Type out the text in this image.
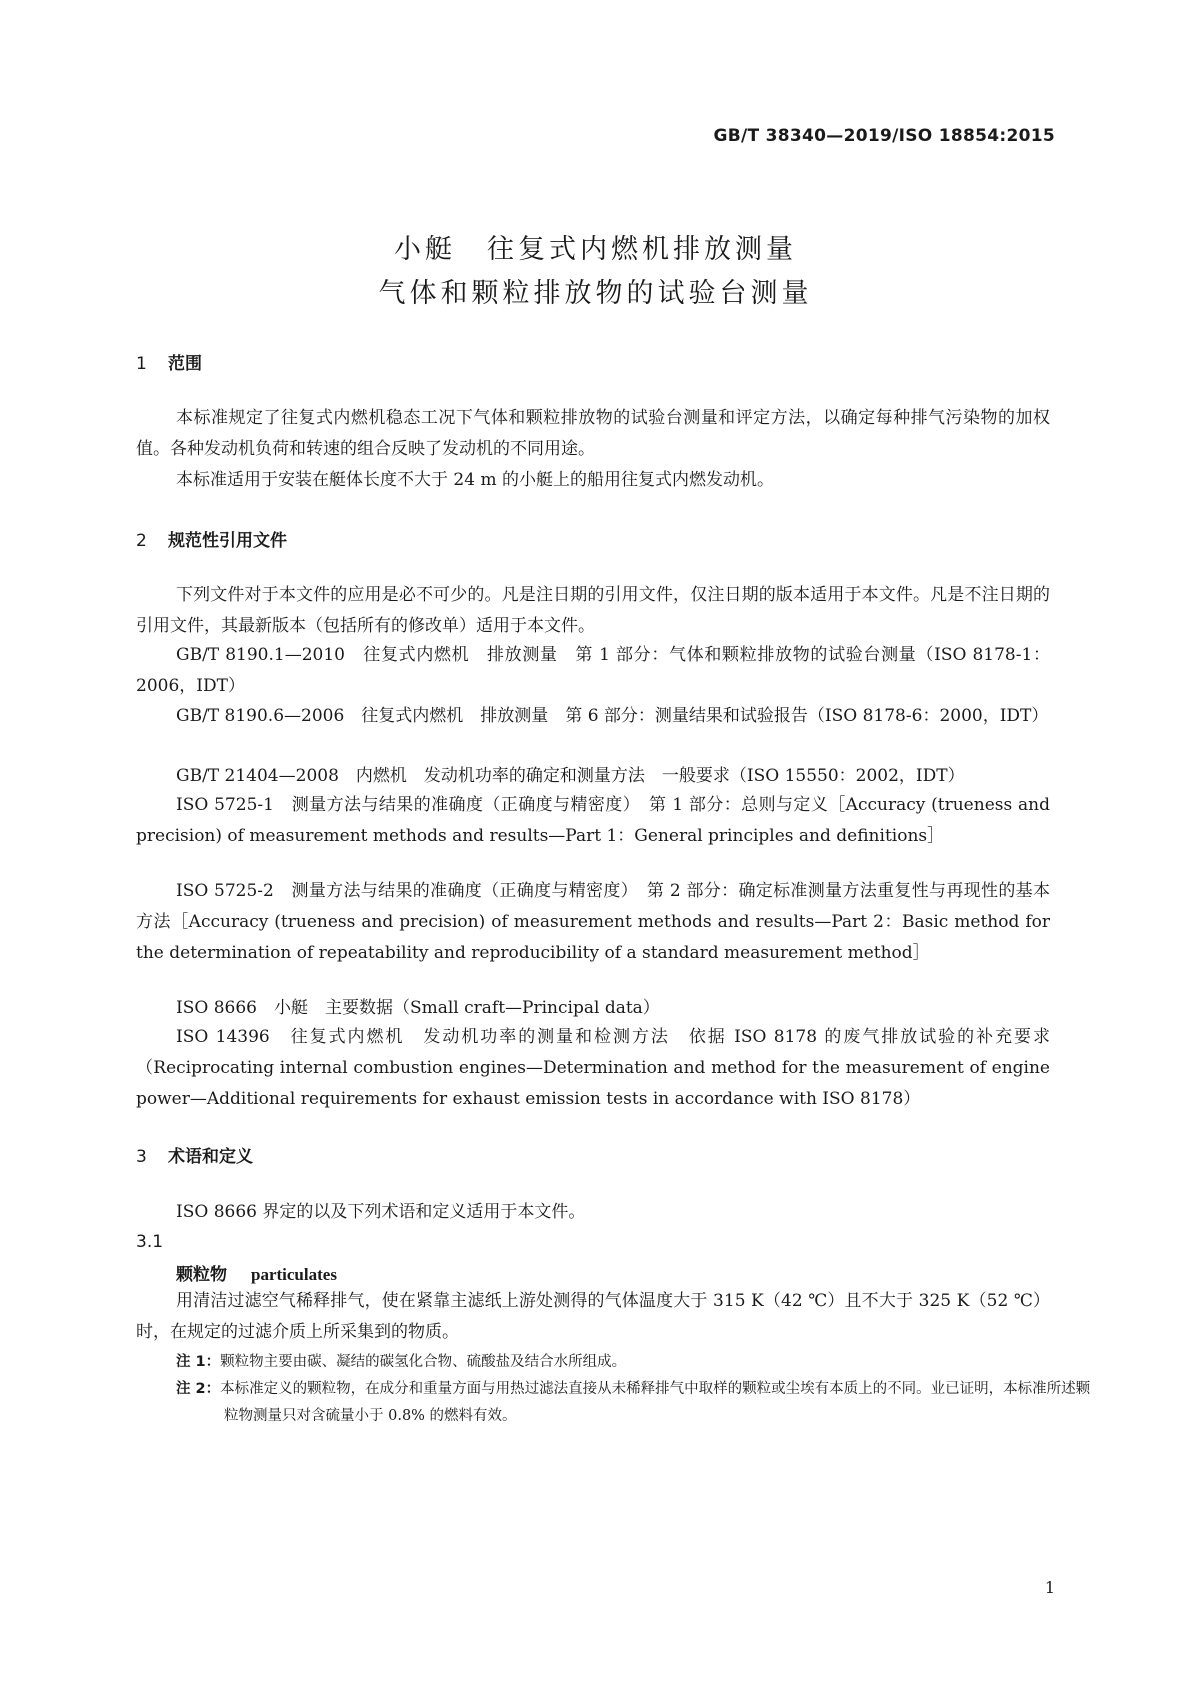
GB/T 38340—2019/ISO 18854:2015
小艇　往复式内燃机排放测量
气体和颗粒排放物的试验台测量
1 范围
本标准规定了往复式内燃机稳态工况下气体和颗粒排放物的试验台测量和评定方法，以确定每种排气污染物的加权值。各种发动机负荷和转速的组合反映了发动机的不同用途。
本标准适用于安装在艇体长度不大于 24 m 的小艇上的船用往复式内燃发动机。
2 规范性引用文件
下列文件对于本文件的应用是必不可少的。凡是注日期的引用文件，仅注日期的版本适用于本文件。凡是不注日期的引用文件，其最新版本（包括所有的修改单）适用于本文件。
GB/T 8190.1—2010　往复式内燃机　排放测量　第 1 部分：气体和颗粒排放物的试验台测量（ISO 8178-1：2006，IDT）
GB/T 8190.6—2006　往复式内燃机　排放测量　第 6 部分：测量结果和试验报告（ISO 8178-6：2000，IDT）
GB/T 21404—2008　内燃机　发动机功率的确定和测量方法　一般要求（ISO 15550：2002，IDT）
ISO 5725-1　测量方法与结果的准确度（正确度与精密度）　第 1 部分：总则与定义［Accuracy (trueness and precision) of measurement methods and results—Part 1：General principles and definitions］
ISO 5725-2　测量方法与结果的准确度（正确度与精密度）　第 2 部分：确定标准测量方法重复性与再现性的基本方法［Accuracy (trueness and precision) of measurement methods and results—Part 2：Basic method for the determination of repeatability and reproducibility of a standard measurement method］
ISO 8666　小艇　主要数据（Small craft—Principal data）
ISO 14396　往复式内燃机　发动机功率的测量和检测方法　依据 ISO 8178 的废气排放试验的补充要求（Reciprocating internal combustion engines—Determination and method for the measurement of engine power—Additional requirements for exhaust emission tests in accordance with ISO 8178）
3 术语和定义
ISO 8666 界定的以及下列术语和定义适用于本文件。
3.1
颗粒物 particulates
用清洁过滤空气稀释排气，使在紧靠主滤纸上游处测得的气体温度大于 315 K（42 ℃）且不大于 325 K（52 ℃）时，在规定的过滤介质上所采集到的物质。
注 1：颗粒物主要由碳、凝结的碳氢化合物、硫酸盐及结合水所组成。
注 2：本标准定义的颗粒物，在成分和重量方面与用热过滤法直接从未稀释排气中取样的颗粒或尘埃有本质上的不同。业已证明，本标准所述颗粒物测量只对含硫量小于 0.8% 的燃料有效。
1
